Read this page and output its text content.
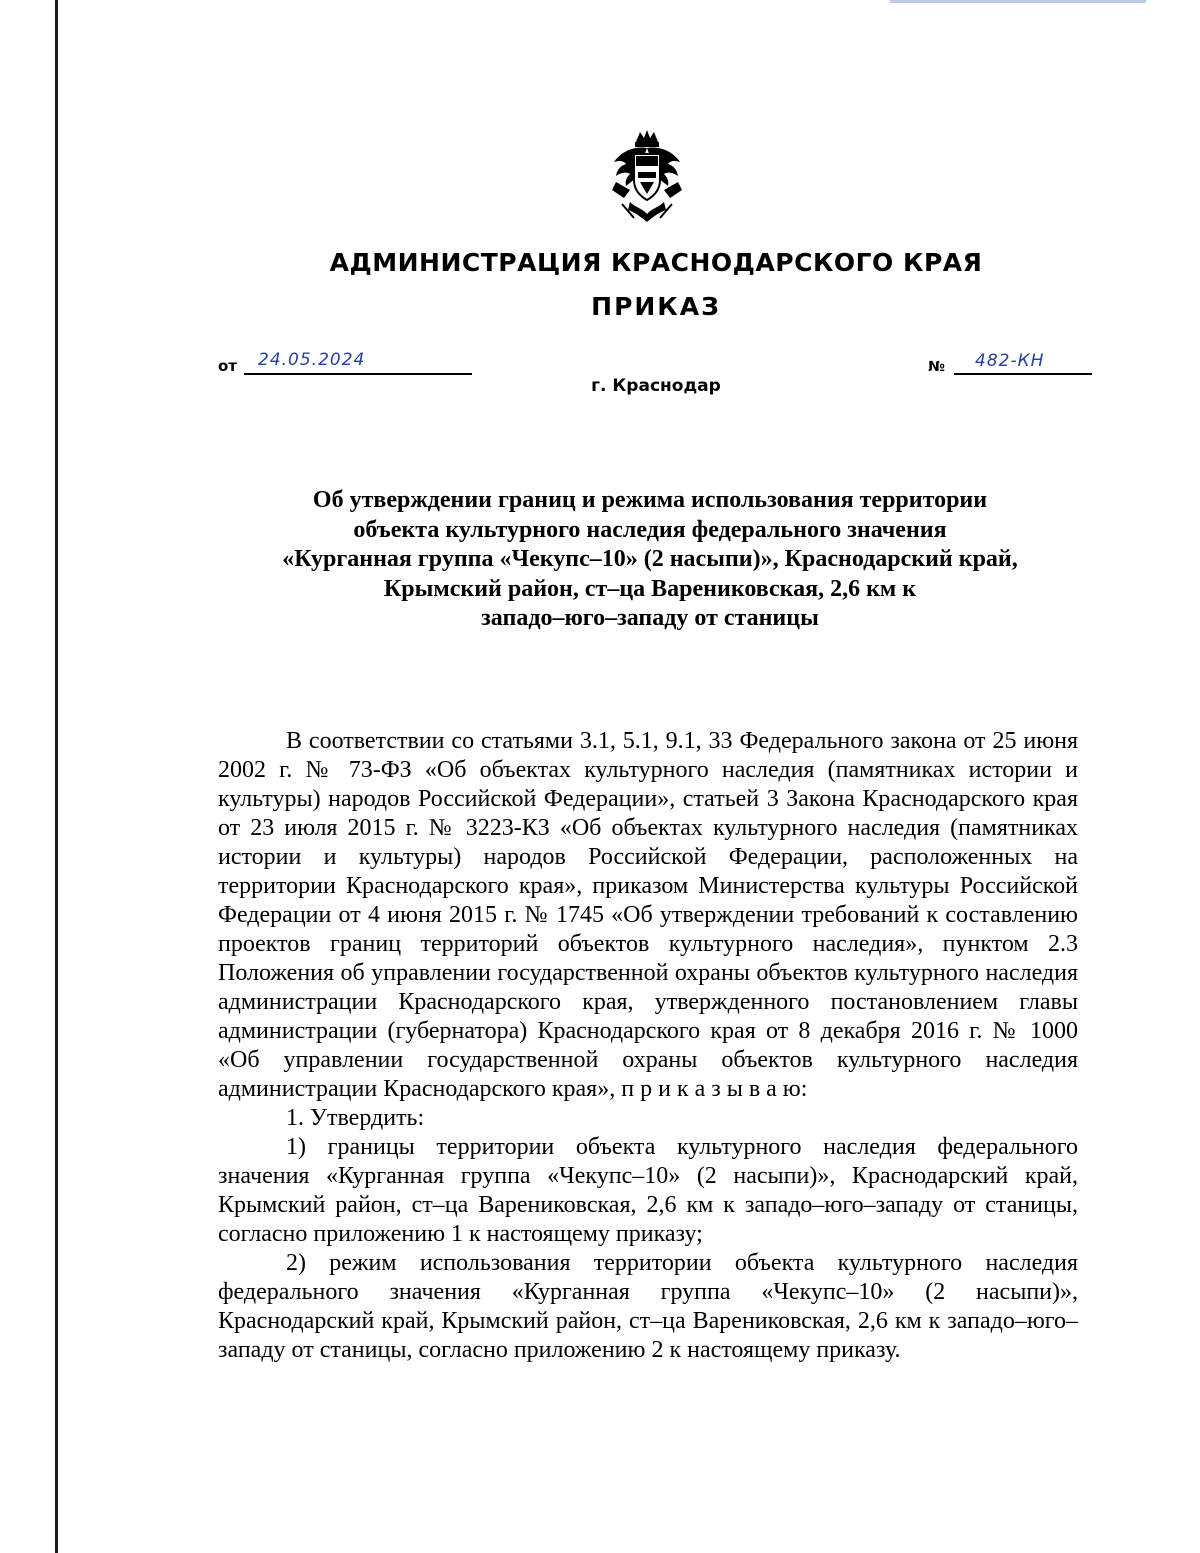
АДМИНИСТРАЦИЯ КРАСНОДАРСКОГО КРАЯ
ПРИКАЗ
от 24.05.2024
г. Краснодар
№ 482-КН
Об утверждении границ и режима использования территории
объекта культурного наследия федерального значения
«Курганная группа «Чекупс–10» (2 насыпи)», Краснодарский край,
Крымский район, ст–ца Варениковская, 2,6 км к
западо–юго–западу от станицы

В соответствии со статьями 3.1, 5.1, 9.1, 33 Федерального закона от 25 июня 2002 г. № 73-ФЗ «Об объектах культурного наследия (памятниках истории и культуры) народов Российской Федерации», статьей 3 Закона Краснодарского края от 23 июля 2015 г. № 3223-КЗ «Об объектах культурного наследия (памятниках истории и культуры) народов Российской Федерации, расположенных на территории Краснодарского края», приказом Министерства культуры Российской Федерации от 4 июня 2015 г. № 1745 «Об утверждении требований к составлению проектов границ территорий объектов культурного наследия», пунктом 2.3 Положения об управлении государственной охраны объектов культурного наследия администрации Краснодарского края, утвержденного постановлением главы администрации (губернатора) Краснодарского края от 8 декабря 2016 г. № 1000 «Об управлении государственной охраны объектов культурного наследия администрации Краснодарского края», п р и к а з ы в а ю:

1. Утвердить:

1) границы территории объекта культурного наследия федерального значения «Курганная группа «Чекупс–10» (2 насыпи)», Краснодарский край, Крымский район, ст–ца Варениковская, 2,6 км к западо–юго–западу от станицы, согласно приложению 1 к настоящему приказу;

2) режим использования территории объекта культурного наследия федерального значения «Курганная группа «Чекупс–10» (2 насыпи)», Краснодарский край, Крымский район, ст–ца Варениковская, 2,6 км к западо–юго–западу от станицы, согласно приложению 2 к настоящему приказу.
